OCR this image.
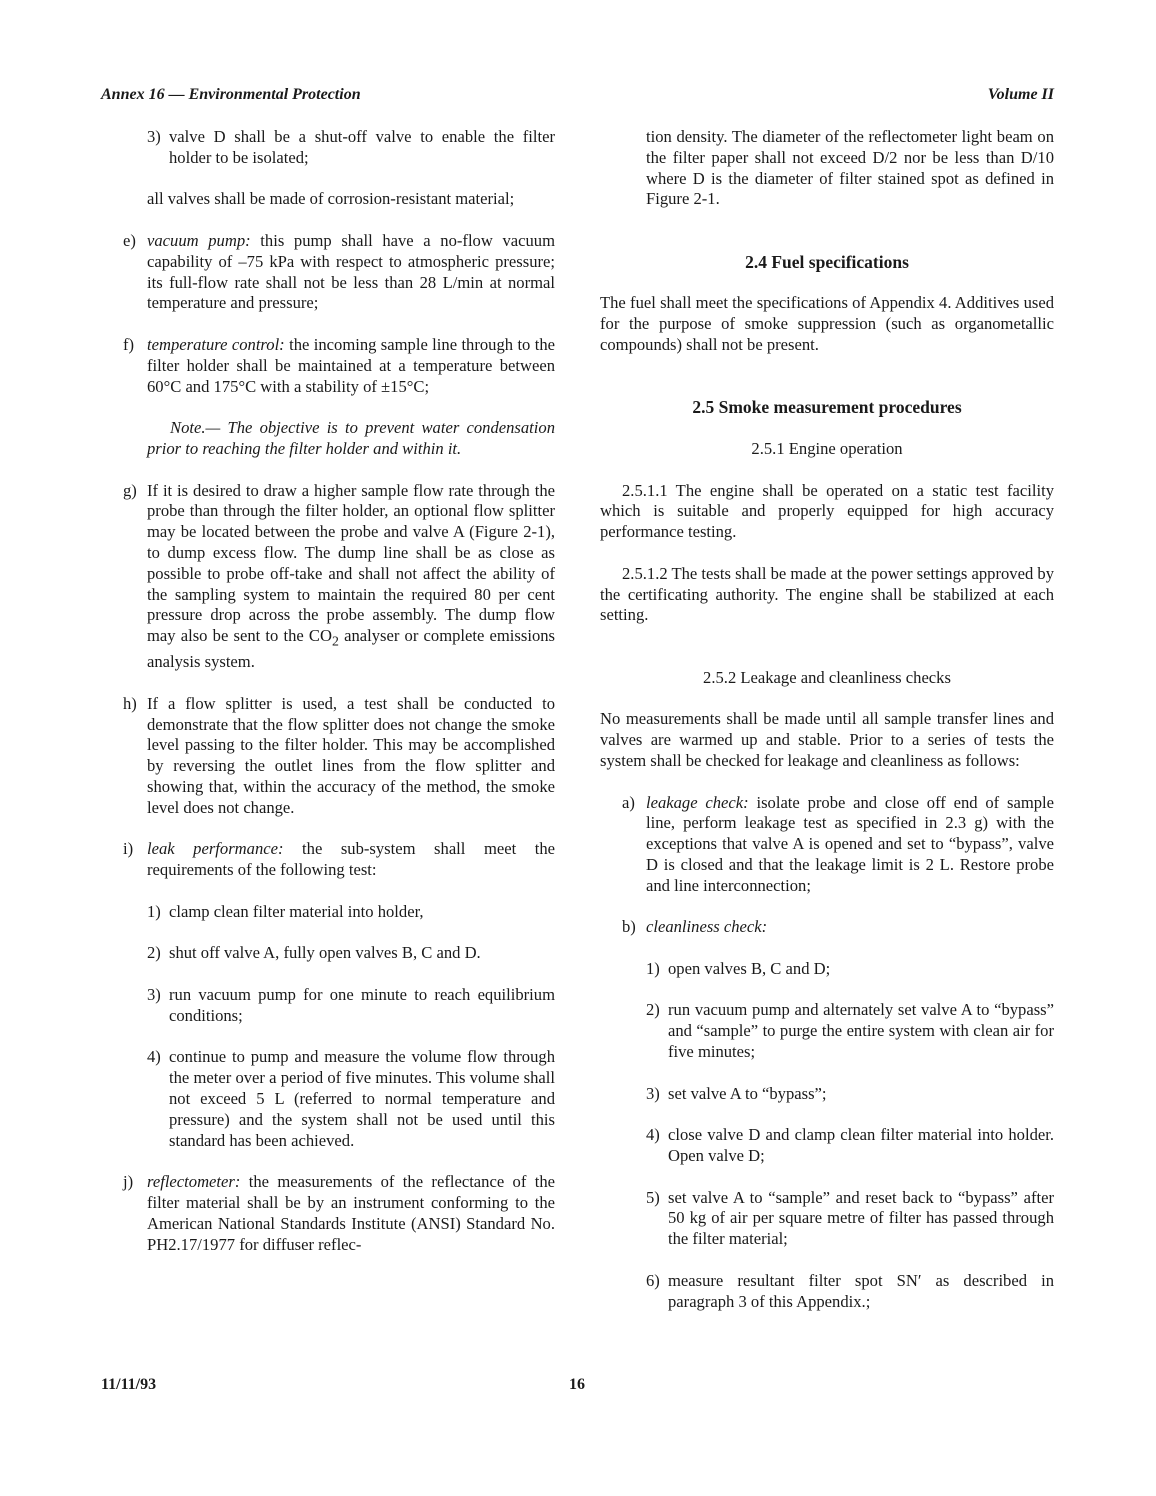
Annex 16 — Environmental Protection	Volume II
3) valve D shall be a shut-off valve to enable the filter holder to be isolated;
all valves shall be made of corrosion-resistant material;
e) vacuum pump: this pump shall have a no-flow vacuum capability of –75 kPa with respect to atmospheric pressure; its full-flow rate shall not be less than 28 L/min at normal temperature and pressure;
f) temperature control: the incoming sample line through to the filter holder shall be maintained at a temperature between 60°C and 175°C with a stability of ±15°C;
Note.— The objective is to prevent water condensation prior to reaching the filter holder and within it.
g) If it is desired to draw a higher sample flow rate through the probe than through the filter holder, an optional flow splitter may be located between the probe and valve A (Figure 2-1), to dump excess flow. The dump line shall be as close as possible to probe off-take and shall not affect the ability of the sampling system to maintain the required 80 per cent pressure drop across the probe assembly. The dump flow may also be sent to the $CO_2$ analyser or complete emissions analysis system.
h) If a flow splitter is used, a test shall be conducted to demonstrate that the flow splitter does not change the smoke level passing to the filter holder. This may be accomplished by reversing the outlet lines from the flow splitter and showing that, within the accuracy of the method, the smoke level does not change.
i) leak performance: the sub-system shall meet the requirements of the following test:
1) clamp clean filter material into holder,
2) shut off valve A, fully open valves B, C and D.
3) run vacuum pump for one minute to reach equilibrium conditions;
4) continue to pump and measure the volume flow through the meter over a period of five minutes. This volume shall not exceed 5 L (referred to normal temperature and pressure) and the system shall not be used until this standard has been achieved.
j) reflectometer: the measurements of the reflectance of the filter material shall be by an instrument conforming to the American National Standards Institute (ANSI) Standard No. PH2.17/1977 for diffuser reflec-
tion density. The diameter of the reflectometer light beam on the filter paper shall not exceed D/2 nor be less than D/10 where D is the diameter of filter stained spot as defined in Figure 2-1.
2.4 Fuel specifications
The fuel shall meet the specifications of Appendix 4. Additives used for the purpose of smoke suppression (such as organometallic compounds) shall not be present.
2.5 Smoke measurement procedures
2.5.1 Engine operation
2.5.1.1 The engine shall be operated on a static test facility which is suitable and properly equipped for high accuracy performance testing.
2.5.1.2 The tests shall be made at the power settings approved by the certificating authority. The engine shall be stabilized at each setting.
2.5.2 Leakage and cleanliness checks
No measurements shall be made until all sample transfer lines and valves are warmed up and stable. Prior to a series of tests the system shall be checked for leakage and cleanliness as follows:
a) leakage check: isolate probe and close off end of sample line, perform leakage test as specified in 2.3 g) with the exceptions that valve A is opened and set to “bypass”, valve D is closed and that the leakage limit is 2 L. Restore probe and line interconnection;
b) cleanliness check:
1) open valves B, C and D;
2) run vacuum pump and alternately set valve A to “bypass” and “sample” to purge the entire system with clean air for five minutes;
3) set valve A to “bypass”;
4) close valve D and clamp clean filter material into holder. Open valve D;
5) set valve A to “sample” and reset back to “bypass” after 50 kg of air per square metre of filter has passed through the filter material;
6) measure resultant filter spot SN′ as described in paragraph 3 of this Appendix.;
11/11/93	16
